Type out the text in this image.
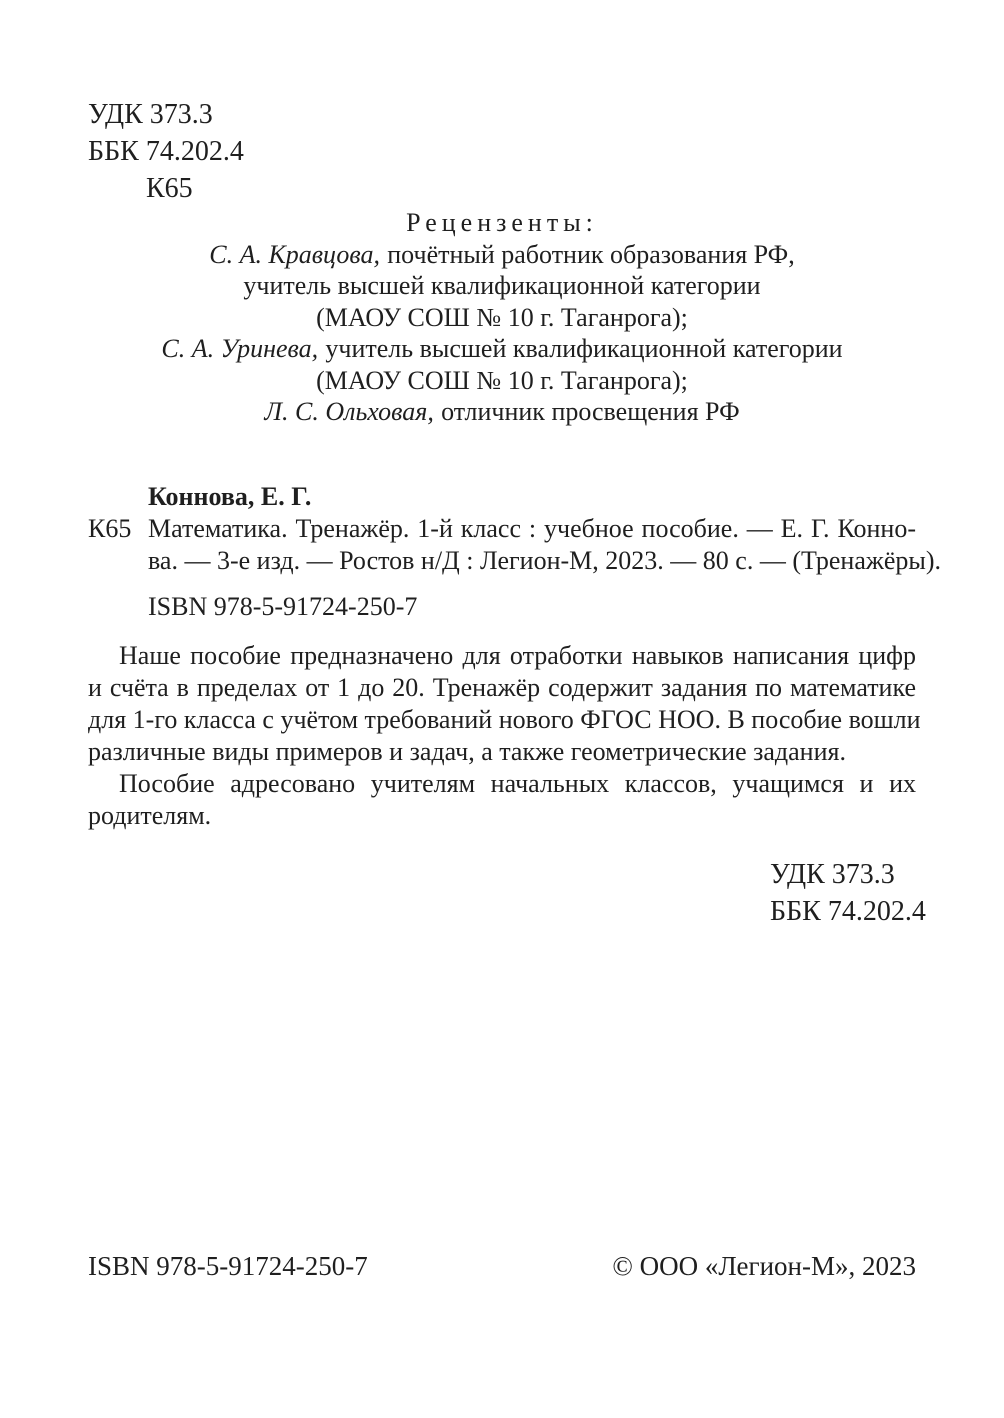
УДК 373.3
ББК 74.202.4
К65
Рецензенты:
С. А. Кравцова, почётный работник образования РФ,
учитель высшей квалификационной категории
(МАОУ СОШ № 10 г. Таганрога);
С. А. Уринева, учитель высшей квалификационной категории
(МАОУ СОШ № 10 г. Таганрога);
Л. С. Ольховая, отличник просвещения РФ
Коннова, Е. Г.
К65 Математика. Тренажёр. 1-й класс : учебное пособие. — Е. Г. Конно-
ва. — 3-е изд. — Ростов н/Д : Легион-М, 2023. — 80 с. — (Тренажёры).
ISBN 978-5-91724-250-7
Наше пособие предназначено для отработки навыков написания цифр
и счёта в пределах от 1 до 20. Тренажёр содержит задания по математике
для 1-го класса с учётом требований нового ФГОС НОО. В пособие вошли
различные виды примеров и задач, а также геометрические задания.
Пособие адресовано учителям начальных классов, учащимся и их
родителям.
УДК 373.3
ББК 74.202.4
ISBN 978-5-91724-250-7	© ООО «Легион-М», 2023
